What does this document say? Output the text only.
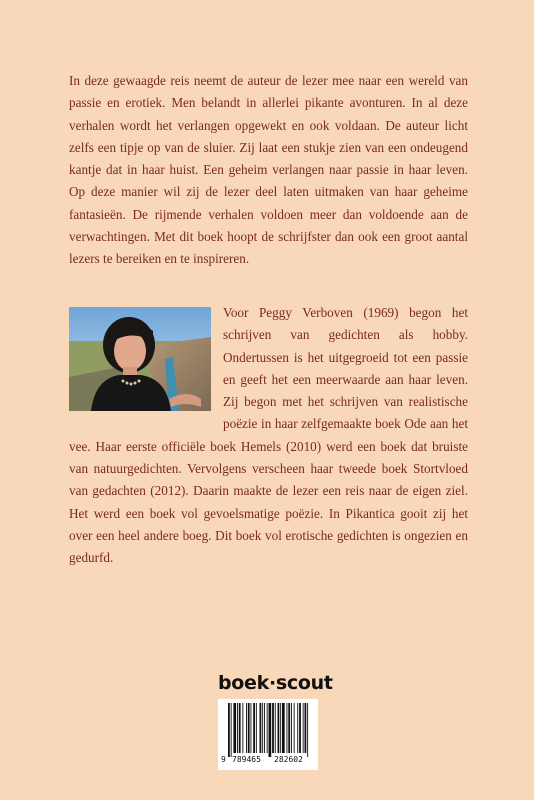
In deze gewaagde reis neemt de auteur de lezer mee naar een wereld van passie en erotiek. Men belandt in allerlei pikante avonturen. In al deze verhalen wordt het verlangen opgewekt en ook voldaan. De auteur licht zelfs een tipje op van de sluier. Zij laat een stukje zien van een ondeugend kantje dat in haar huist. Een geheim verlangen naar passie in haar leven. Op deze manier wil zij de lezer deel laten uitmaken van haar geheime fantasieën. De rijmende verhalen voldoen meer dan voldoende aan de verwachtingen. Met dit boek hoopt de schrijfster dan ook een groot aantal lezers te bereiken en te inspireren.

Voor Peggy Verboven (1969) begon het schrijven van gedichten als hobby. Ondertussen is het uitgegroeid tot een passie en geeft het een meerwaarde aan haar leven. Zij begon met het schrijven van realistische poëzie in haar zelfgemaakte boek Ode aan het vee. Haar eerste officiële boek Hemels (2010) werd een boek dat bruiste van natuurgedichten. Vervolgens verscheen haar tweede boek Stortvloed van gedachten (2012). Daarin maakte de lezer een reis naar de eigen ziel. Het werd een boek vol gevoelsmatige poëzie. In Pikantica gooit zij het over een heel andere boeg. Dit boek vol erotische gedichten is ongezien en gedurfd.
boek·scout
9 789465 282602
